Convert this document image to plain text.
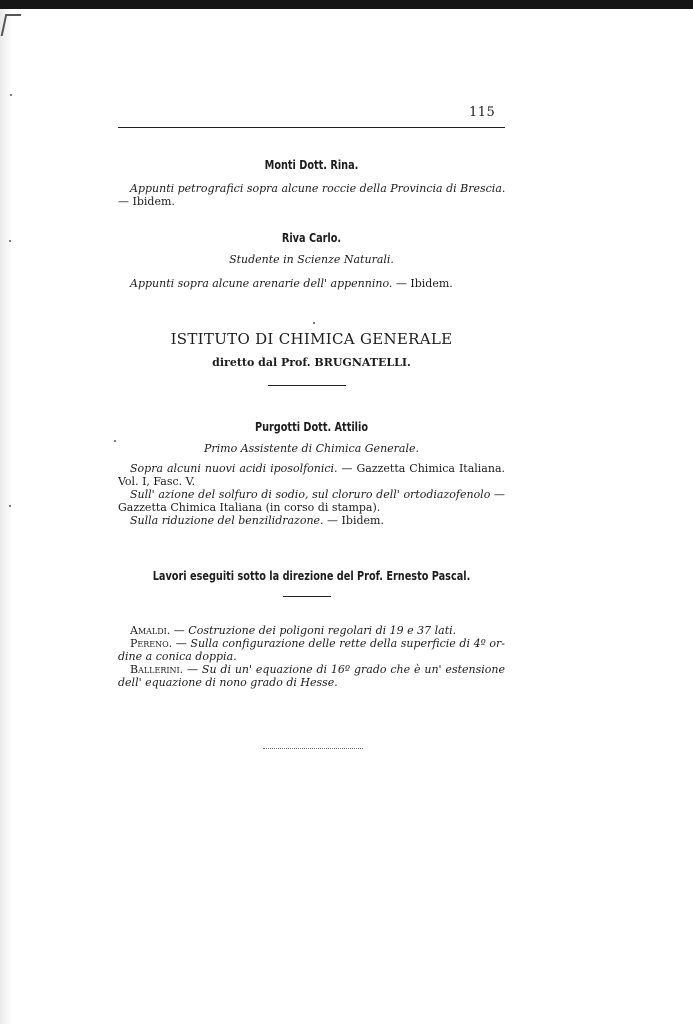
115

Monti Dott. Rina.

Appunti petrografici sopra alcune roccie della Provincia di Brescia.

— Ibidem.

Riva Carlo.

Studente in Scienze Naturali.

Appunti sopra alcune arenarie dell' appennino. — Ibidem.

ISTITUTO DI CHIMICA GENERALE

diretto dal Prof. BRUGNATELLI.

Purgotti Dott. Attilio

Primo Assistente di Chimica Generale.

Sopra alcuni nuovi acidi iposolfonici. — Gazzetta Chimica Italiana.

Vol. I, Fasc. V.

Sull' azione del solfuro di sodio, sul cloruro dell' ortodiazofenolo —

Gazzetta Chimica Italiana (in corso di stampa).

Sulla riduzione del benzilidrazone. — Ibidem.

Lavori eseguiti sotto la direzione del Prof. Ernesto Pascal.

Amaldi. — Costruzione dei poligoni regolari di 19 e 37 lati.

Pereno. — Sulla configurazione delle rette della superficie di 4º or-

dine a conica doppia.

Ballerini. — Su di un' equazione di 16º grado che è un' estensione

dell' equazione di nono grado di Hesse.
